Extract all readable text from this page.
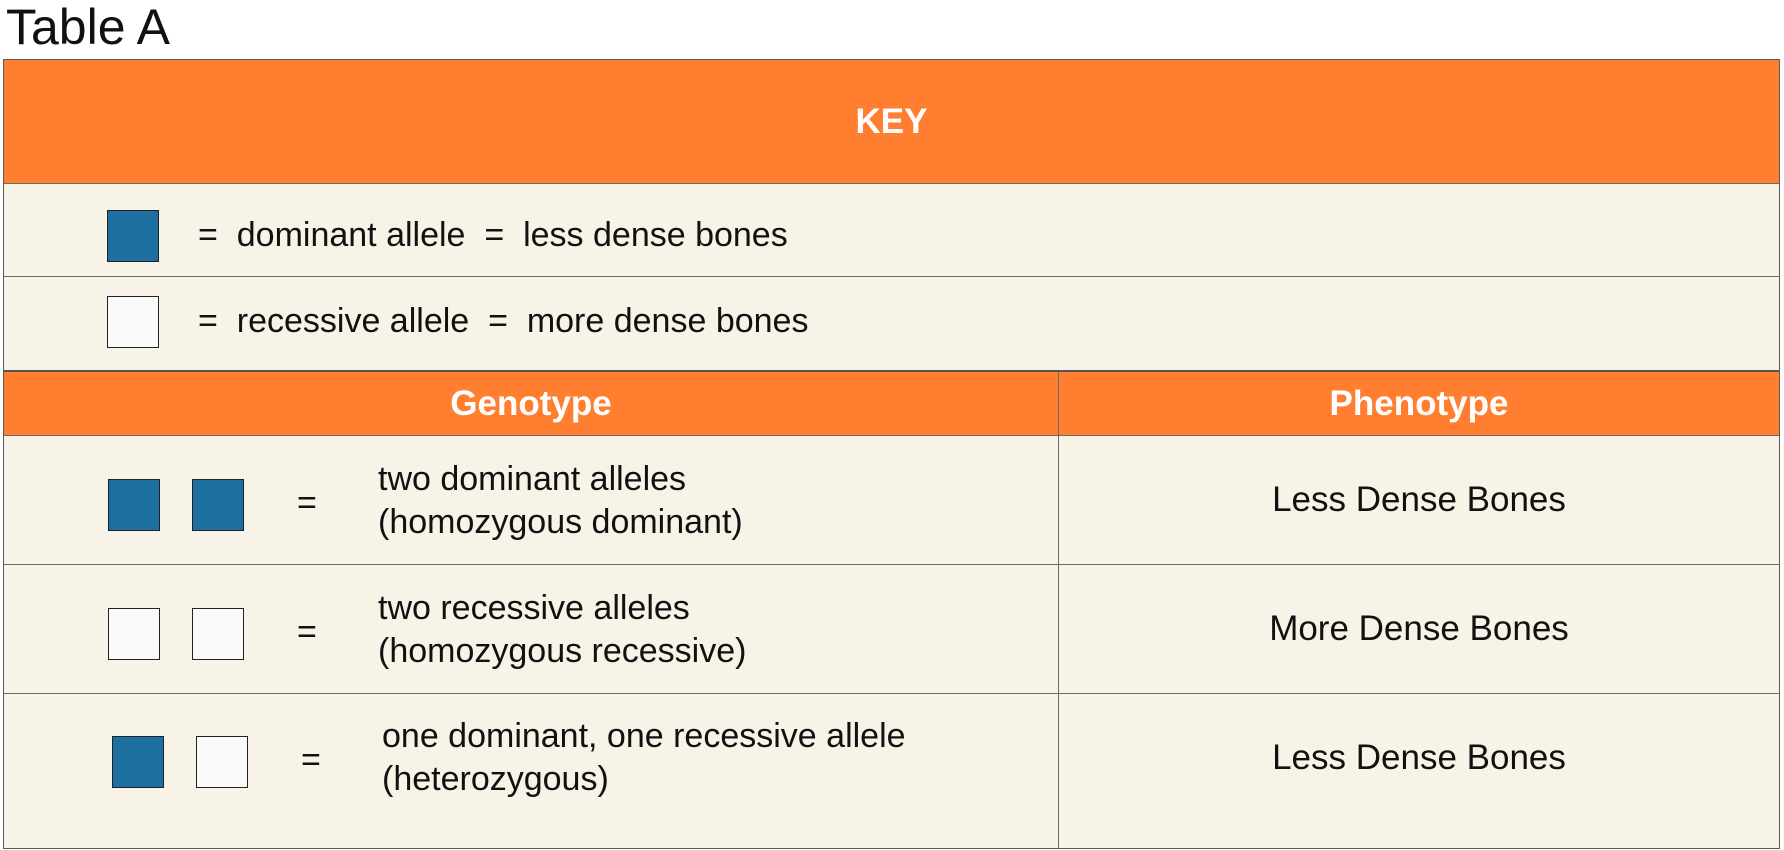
Table A
KEY
=  dominant allele  =  less dense bones
=  recessive allele  =  more dense bones
Genotype	Phenotype
=
two dominant alleles
(homozygous dominant)
Less Dense Bones
=
two recessive alleles
(homozygous recessive)
More Dense Bones
=
one dominant, one recessive allele
(heterozygous)
Less Dense Bones
